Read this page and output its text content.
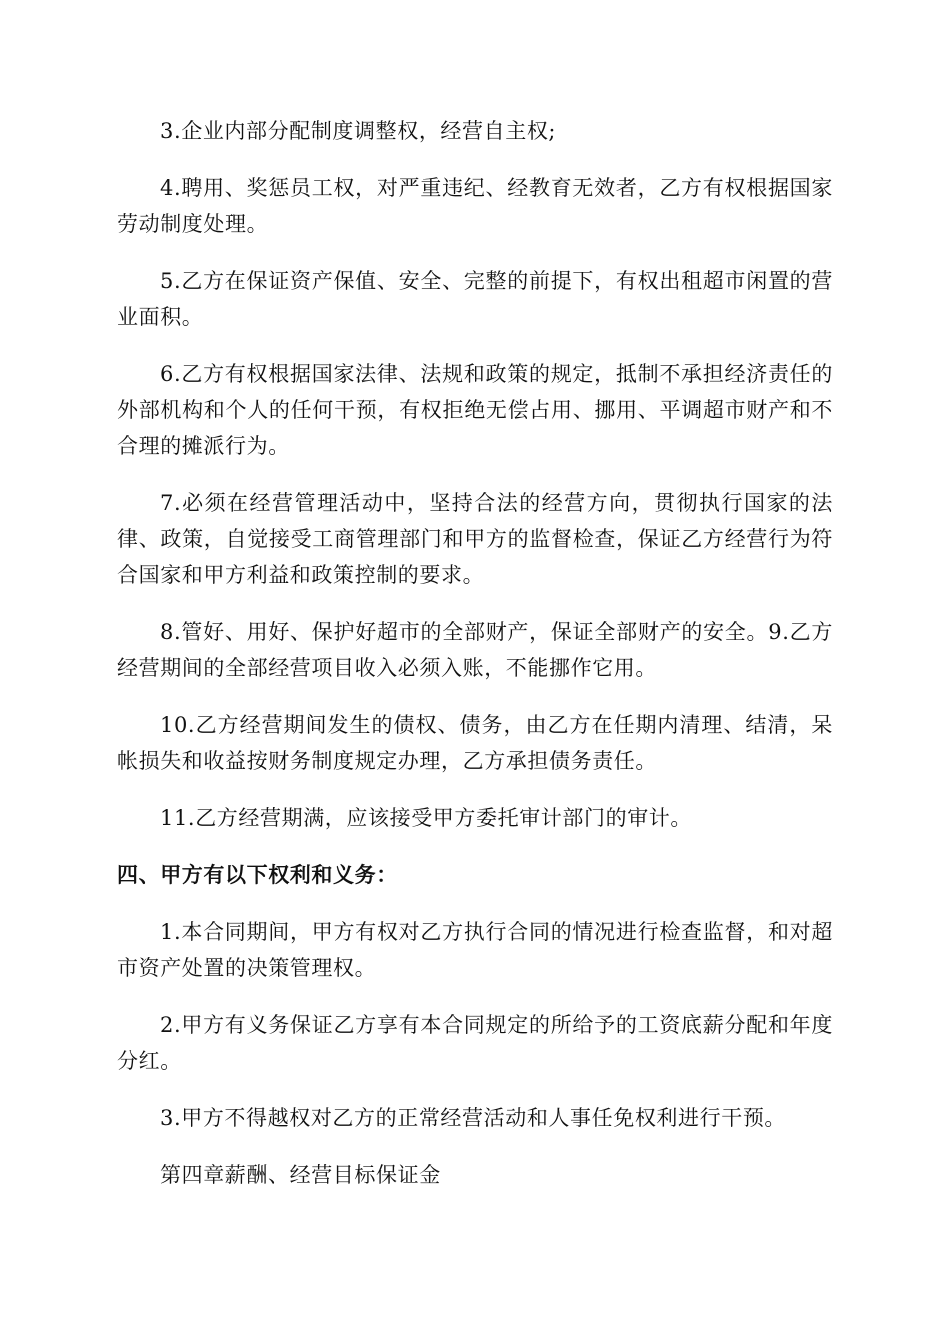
3.企业内部分配制度调整权，经营自主权;

4.聘用、奖惩员工权，对严重违纪、经教育无效者，乙方有权根据国家劳动制度处理。

5.乙方在保证资产保值、安全、完整的前提下，有权出租超市闲置的营业面积。

6.乙方有权根据国家法律、法规和政策的规定，抵制不承担经济责任的外部机构和个人的任何干预，有权拒绝无偿占用、挪用、平调超市财产和不合理的摊派行为。

7.必须在经营管理活动中，坚持合法的经营方向，贯彻执行国家的法律、政策，自觉接受工商管理部门和甲方的监督检查，保证乙方经营行为符合国家和甲方利益和政策控制的要求。

8.管好、用好、保护好超市的全部财产，保证全部财产的安全。9.乙方经营期间的全部经营项目收入必须入账，不能挪作它用。

10.乙方经营期间发生的债权、债务，由乙方在任期内清理、结清，呆帐损失和收益按财务制度规定办理，乙方承担债务责任。

11.乙方经营期满，应该接受甲方委托审计部门的审计。

四、甲方有以下权利和义务：

1.本合同期间，甲方有权对乙方执行合同的情况进行检查监督，和对超市资产处置的决策管理权。

2.甲方有义务保证乙方享有本合同规定的所给予的工资底薪分配和年度分红。

3.甲方不得越权对乙方的正常经营活动和人事任免权利进行干预。

第四章薪酬、经营目标保证金
